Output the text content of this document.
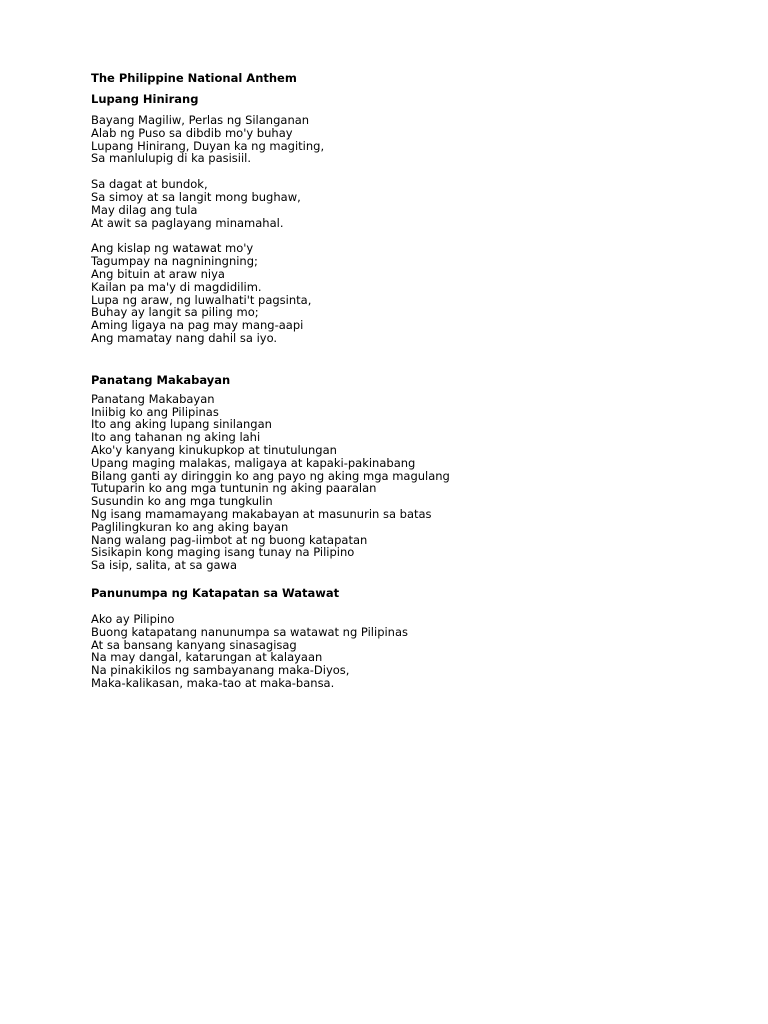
The Philippine National Anthem
Lupang Hinirang
Bayang Magiliw, Perlas ng Silanganan
Alab ng Puso sa dibdib mo'y buhay
Lupang Hinirang, Duyan ka ng magiting,
Sa manlulupig di ka pasisiil.
Sa dagat at bundok,
Sa simoy at sa langit mong bughaw,
May dilag ang tula
At awit sa paglayang minamahal.
Ang kislap ng watawat mo'y
Tagumpay na nagniningning;
Ang bituin at araw niya
Kailan pa ma'y di magdidilim.
Lupa ng araw, ng luwalhati't pagsinta,
Buhay ay langit sa piling mo;
Aming ligaya na pag may mang-aapi
Ang mamatay nang dahil sa iyo.
Panatang Makabayan
Panatang Makabayan
Iniibig ko ang Pilipinas
Ito ang aking lupang sinilangan
Ito ang tahanan ng aking lahi
Ako'y kanyang kinukupkop at tinutulungan
Upang maging malakas, maligaya at kapaki-pakinabang
Bilang ganti ay diringgin ko ang payo ng aking mga magulang
Tutuparin ko ang mga tuntunin ng aking paaralan
Susundin ko ang mga tungkulin
Ng isang mamamayang makabayan at masunurin sa batas
Paglilingkuran ko ang aking bayan
Nang walang pag-iimbot at ng buong katapatan
Sisikapin kong maging isang tunay na Pilipino
Sa isip, salita, at sa gawa
Panunumpa ng Katapatan sa Watawat
Ako ay Pilipino
Buong katapatang nanunumpa sa watawat ng Pilipinas
At sa bansang kanyang sinasagisag
Na may dangal, katarungan at kalayaan
Na pinakikilos ng sambayanang maka-Diyos,
Maka-kalikasan, maka-tao at maka-bansa.
